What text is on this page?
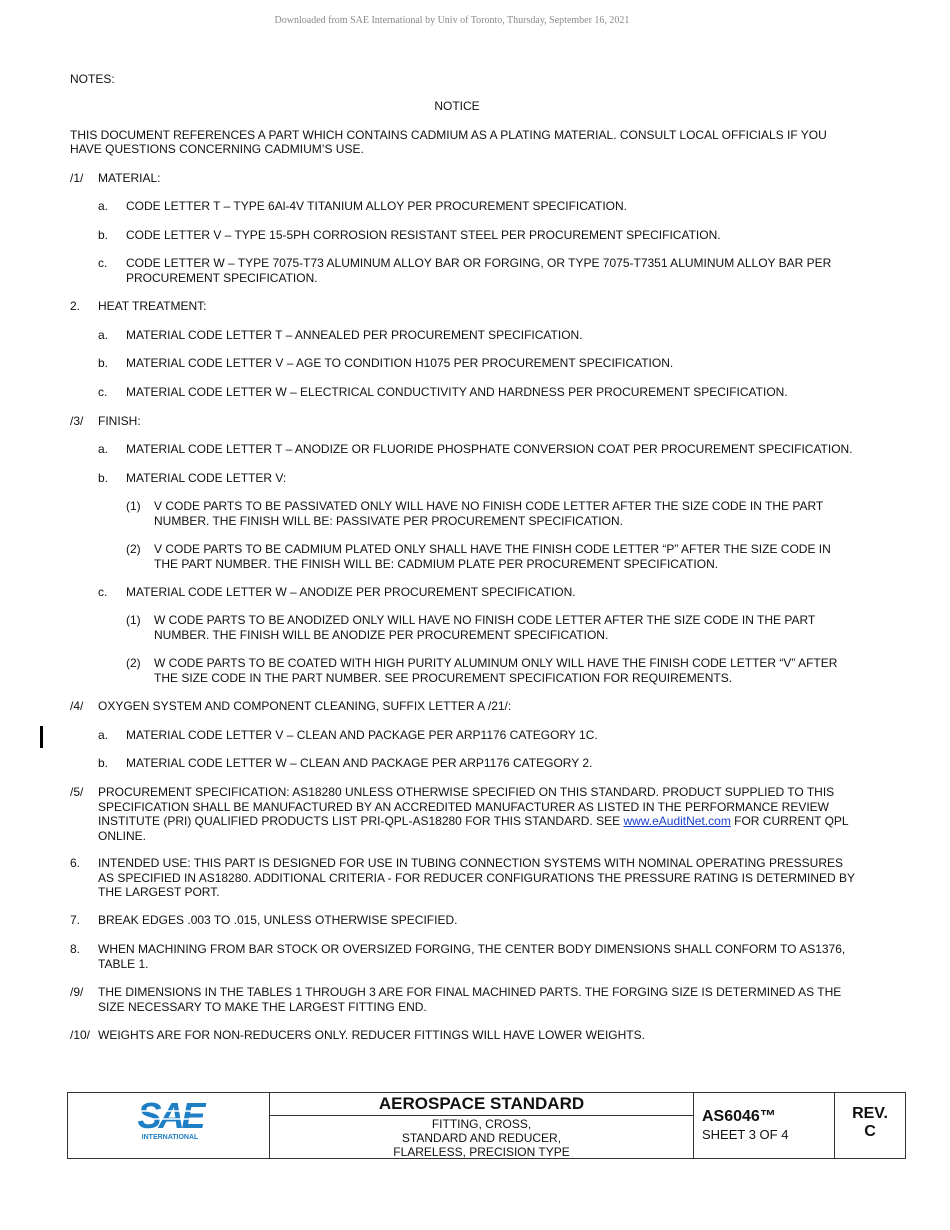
Downloaded from SAE International by Univ of Toronto, Thursday, September 16, 2021
NOTES:
NOTICE
THIS DOCUMENT REFERENCES A PART WHICH CONTAINS CADMIUM AS A PLATING MATERIAL. CONSULT LOCAL OFFICIALS IF YOU
HAVE QUESTIONS CONCERNING CADMIUM’S USE.
/1/ MATERIAL:
a. CODE LETTER T – TYPE 6Al-4V TITANIUM ALLOY PER PROCUREMENT SPECIFICATION.
b. CODE LETTER V – TYPE 15-5PH CORROSION RESISTANT STEEL PER PROCUREMENT SPECIFICATION.
c. CODE LETTER W – TYPE 7075-T73 ALUMINUM ALLOY BAR OR FORGING, OR TYPE 7075-T7351 ALUMINUM ALLOY BAR PER
PROCUREMENT SPECIFICATION.
2. HEAT TREATMENT:
a. MATERIAL CODE LETTER T – ANNEALED PER PROCUREMENT SPECIFICATION.
b. MATERIAL CODE LETTER V – AGE TO CONDITION H1075 PER PROCUREMENT SPECIFICATION.
c. MATERIAL CODE LETTER W – ELECTRICAL CONDUCTIVITY AND HARDNESS PER PROCUREMENT SPECIFICATION.
/3/ FINISH:
a. MATERIAL CODE LETTER T – ANODIZE OR FLUORIDE PHOSPHATE CONVERSION COAT PER PROCUREMENT SPECIFICATION.
b. MATERIAL CODE LETTER V:
(1) V CODE PARTS TO BE PASSIVATED ONLY WILL HAVE NO FINISH CODE LETTER AFTER THE SIZE CODE IN THE PART
NUMBER. THE FINISH WILL BE: PASSIVATE PER PROCUREMENT SPECIFICATION.
(2) V CODE PARTS TO BE CADMIUM PLATED ONLY SHALL HAVE THE FINISH CODE LETTER “P” AFTER THE SIZE CODE IN
THE PART NUMBER. THE FINISH WILL BE: CADMIUM PLATE PER PROCUREMENT SPECIFICATION.
c. MATERIAL CODE LETTER W – ANODIZE PER PROCUREMENT SPECIFICATION.
(1) W CODE PARTS TO BE ANODIZED ONLY WILL HAVE NO FINISH CODE LETTER AFTER THE SIZE CODE IN THE PART
NUMBER. THE FINISH WILL BE ANODIZE PER PROCUREMENT SPECIFICATION.
(2) W CODE PARTS TO BE COATED WITH HIGH PURITY ALUMINUM ONLY WILL HAVE THE FINISH CODE LETTER “V” AFTER
THE SIZE CODE IN THE PART NUMBER. SEE PROCUREMENT SPECIFICATION FOR REQUIREMENTS.
/4/ OXYGEN SYSTEM AND COMPONENT CLEANING, SUFFIX LETTER A /21/:
a. MATERIAL CODE LETTER V – CLEAN AND PACKAGE PER ARP1176 CATEGORY 1C.
b. MATERIAL CODE LETTER W – CLEAN AND PACKAGE PER ARP1176 CATEGORY 2.
/5/ PROCUREMENT SPECIFICATION: AS18280 UNLESS OTHERWISE SPECIFIED ON THIS STANDARD. PRODUCT SUPPLIED TO THIS
SPECIFICATION SHALL BE MANUFACTURED BY AN ACCREDITED MANUFACTURER AS LISTED IN THE PERFORMANCE REVIEW
INSTITUTE (PRI) QUALIFIED PRODUCTS LIST PRI-QPL-AS18280 FOR THIS STANDARD. SEE www.eAuditNet.com FOR CURRENT QPL
ONLINE.
6. INTENDED USE: THIS PART IS DESIGNED FOR USE IN TUBING CONNECTION SYSTEMS WITH NOMINAL OPERATING PRESSURES
AS SPECIFIED IN AS18280. ADDITIONAL CRITERIA - FOR REDUCER CONFIGURATIONS THE PRESSURE RATING IS DETERMINED BY
THE LARGEST PORT.
7. BREAK EDGES .003 TO .015, UNLESS OTHERWISE SPECIFIED.
8. WHEN MACHINING FROM BAR STOCK OR OVERSIZED FORGING, THE CENTER BODY DIMENSIONS SHALL CONFORM TO AS1376,
TABLE 1.
/9/ THE DIMENSIONS IN THE TABLES 1 THROUGH 3 ARE FOR FINAL MACHINED PARTS. THE FORGING SIZE IS DETERMINED AS THE
SIZE NECESSARY TO MAKE THE LARGEST FITTING END.
/10/ WEIGHTS ARE FOR NON-REDUCERS ONLY. REDUCER FITTINGS WILL HAVE LOWER WEIGHTS.
SAE
INTERNATIONAL
AEROSPACE STANDARD
FITTING, CROSS,
STANDARD AND REDUCER,
FLARELESS, PRECISION TYPE
AS6046™
SHEET 3 OF 4
REV.
C
